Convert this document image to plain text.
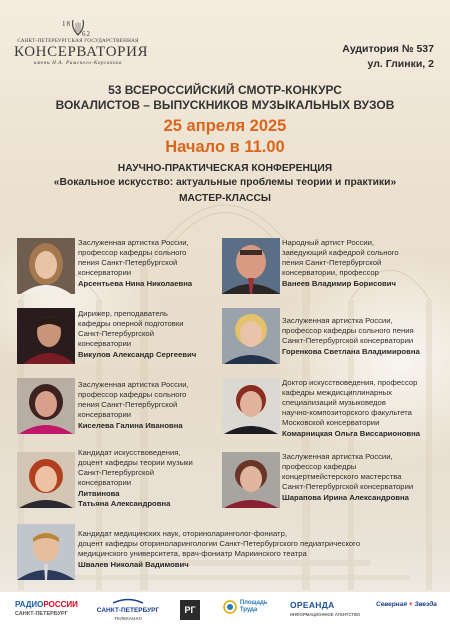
18
62
САНКТ-ПЕТЕРБУРГСКАЯ ГОСУДАРСТВЕННАЯ
КОНСЕРВАТОРИЯ
имени Н.А. Римского-Корсакова
Аудитория № 537
ул. Глинки, 2
53 ВСЕРОССИЙСКИЙ СМОТР-КОНКУРС
ВОКАЛИСТОВ – ВЫПУСКНИКОВ МУЗЫКАЛЬНЫХ ВУЗОВ
25 апреля 2025
Начало в 11.00
НАУЧНО-ПРАКТИЧЕСКАЯ КОНФЕРЕНЦИЯ
«Вокальное искусство: актуальные проблемы теории и практики»
МАСТЕР-КЛАССЫ
Заслуженная артистка России,
профессор кафедры сольного
пения Санкт-Петербургской
консерватории
Арсентьева Нина Николаевна
Народный артист России,
заведующий кафедрой сольного
пения Санкт-Петербургской
консерватории, профессор
Ванеев Владимир Борисович
Дирижер, преподаватель
кафедры оперной подготовки
Санкт-Петербургской
консерватории
Викулов Александр Сергеевич
Заслуженная артистка России,
профессор кафедры сольного пения
Санкт-Петербургской консерватории
Горенкова Светлана Владимировна
Заслуженная артистка России,
профессор кафедры сольного
пения Санкт-Петербургской
консерватории
Киселева Галина Ивановна
Доктор искусствоведения, профессор
кафедры междисциплинарных
специализаций музыковедов
научно-композиторского факультета
Московской консерватории
Комарницкая Ольга Виссарионовна
Кандидат искусствоведения,
доцент кафедры теории музыки
Санкт-Петербургской
консерватории
Литвинова
Татьяна Александровна
Заслуженная артистка России,
профессор кафедры
концертмейстерского мастерства
Санкт-Петербургской консерватории
Шарапова Ирина Александровна
Кандидат медицинских наук, оториноларинголог-фониатр,
доцент кафедры оториноларингологии Санкт-Петербургского педиатрического
медицинского университета, врач-фониатр Мариинского театра
Швалев Николай Вадимович
РАДИОРОССИИ
САНКТ-ПЕТЕРБУРГ	САНКТ-ПЕТЕРБУРГ
ТЕЛЕКАНАЛ
РГ
Площадь
Труда	ОРЕАНДА
ИНФОРМАЦИОННОЕ АГЕНТСТВО
Северная + Звезда
